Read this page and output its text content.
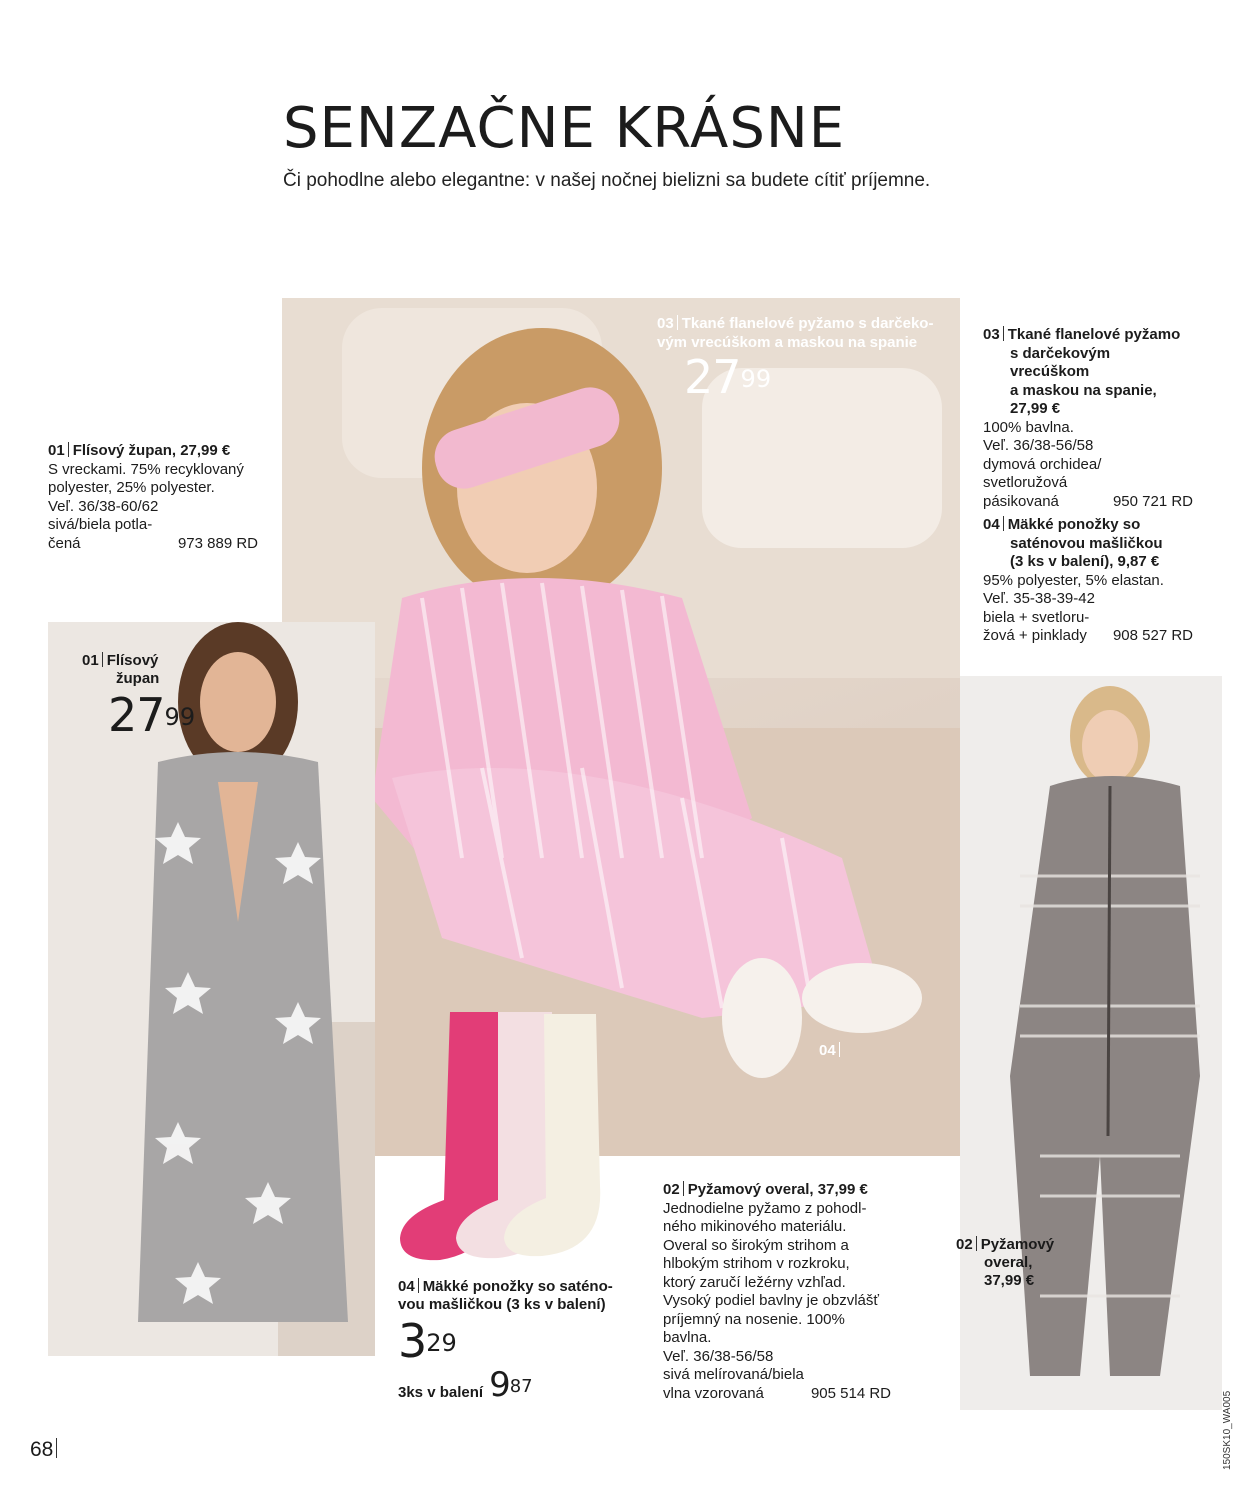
SENZAČNE KRÁSNE
Či pohodlne alebo elegantne: v našej nočnej bielizni sa budete cítiť príjemne.
03 Tkané flanelové pyžamo s darčeko-
vým vrecúškom a maskou na spanie
$27^{99}$
04
01 Flísový
župan
$27^{99}$
02 Pyžamový
overal,
37,99 €
01 Flísový župan, 27,99 €
S vreckami. 75% recyklovaný
polyester, 25% polyester.
Veľ. 36/38-60/62
sivá/biela potla-
čená	973 889 RD
03 Tkané flanelové pyžamo
s darčekovým vrecúškom
a maskou na spanie,
27,99 €
100% bavlna.
Veľ. 36/38-56/58
dymová orchidea/
svetloružová
pásikovaná	950 721 RD
04 Mäkké ponožky so
saténovou mašličkou
(3 ks v balení), 9,87 €
95% polyester, 5% elastan.
Veľ. 35-38-39-42
biela + svetloru-
žová + pinklady 908 527 RD
04 Mäkké ponožky so saténo-
vou mašličkou (3 ks v balení)
$3^{29}$
3ks v balení $9^{87}$
02 Pyžamový overal, 37,99 €
Jednodielne pyžamo z pohodl-
ného mikinového materiálu.
Overal so širokým strihom a
hlbokým strihom v rozkroku,
ktorý zaručí ležérny vzhľad.
Vysoký podiel bavlny je obzvlášť
príjemný na nosenie. 100%
bavlna.
Veľ. 36/38-56/58
sivá melírovaná/biela
vlna vzorovaná	905 514 RD
68	150SK10_WA005
